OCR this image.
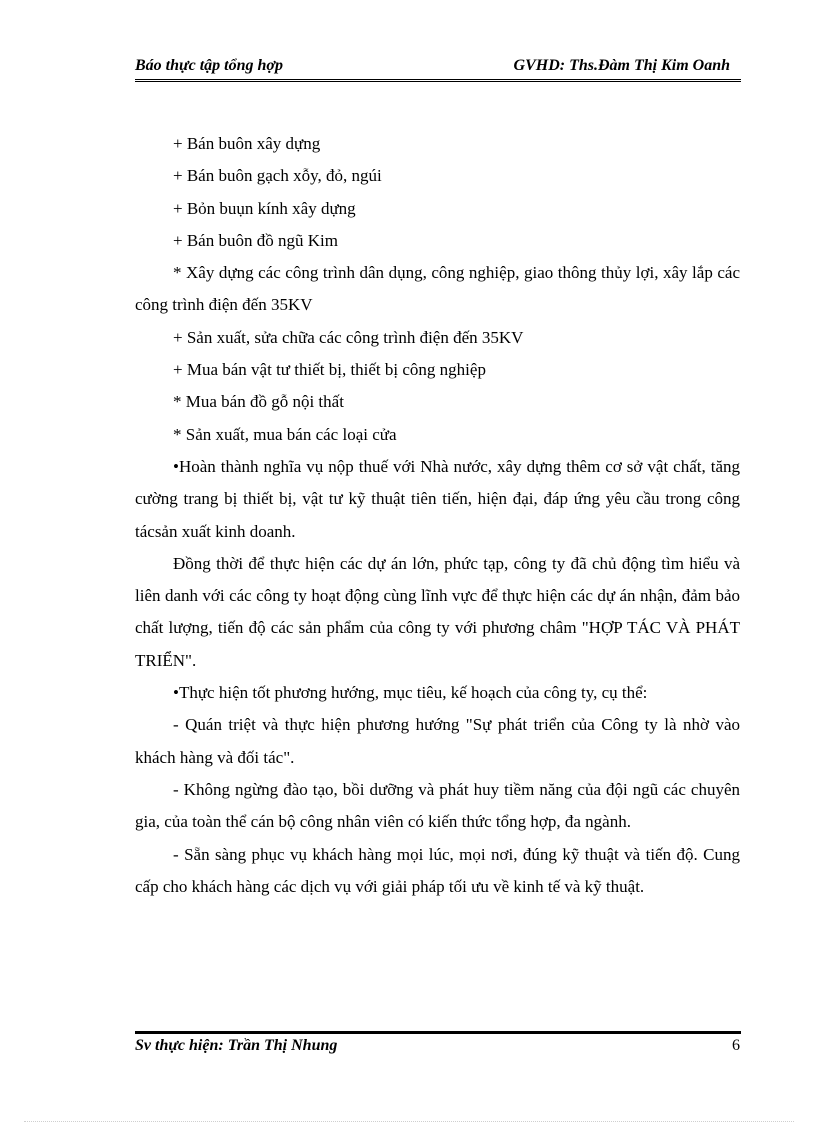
Báo thực tập tổng hợp	GVHD: Ths.Đàm Thị Kim Oanh

+ Bán buôn xây dựng

+ Bán buôn gạch xỗy, đỏ, ngúi

+ Bỏn buụn kính xây dựng

+ Bán buôn đồ ngũ Kim

* Xây dựng các công trình dân dụng, công nghiệp, giao thông thủy lợi, xây lắp các công trình điện đến 35KV

+ Sản xuất, sửa chữa các công trình điện đến 35KV

+ Mua bán vật tư thiết bị, thiết bị công nghiệp

* Mua bán đồ gỗ nội thất

* Sản xuất, mua bán các loại cửa

•Hoàn thành nghĩa vụ nộp thuế với Nhà nước, xây dựng thêm cơ sở vật chất, tăng cường trang bị thiết bị, vật tư kỹ thuật tiên tiến, hiện đại, đáp ứng yêu cầu trong công tácsản xuất kinh doanh.

Đồng thời để thực hiện các dự án lớn, phức tạp, công ty đã chủ động tìm hiểu và liên danh với các công ty hoạt động cùng lĩnh vực để thực hiện các dự án nhận, đảm bảo chất lượng, tiến độ các sản phẩm của công ty với phương châm "HỢP TÁC VÀ PHÁT TRIỂN".

•Thực hiện tốt phương hướng, mục tiêu, kế hoạch của công ty, cụ thể:

- Quán triệt và thực hiện phương hướng "Sự phát triển của Công ty là nhờ vào khách hàng và đối tác".

- Không ngừng đào tạo, bồi dưỡng và phát huy tiềm năng của đội ngũ các chuyên gia, của toàn thể cán bộ công nhân viên có kiến thức tổng hợp, đa ngành.

- Sẵn sàng phục vụ khách hàng mọi lúc, mọi nơi, đúng kỹ thuật và tiến độ. Cung cấp cho khách hàng các dịch vụ với giải pháp tối ưu về kinh tế và kỹ thuật.

Sv thực hiện: Trần Thị Nhung	6
